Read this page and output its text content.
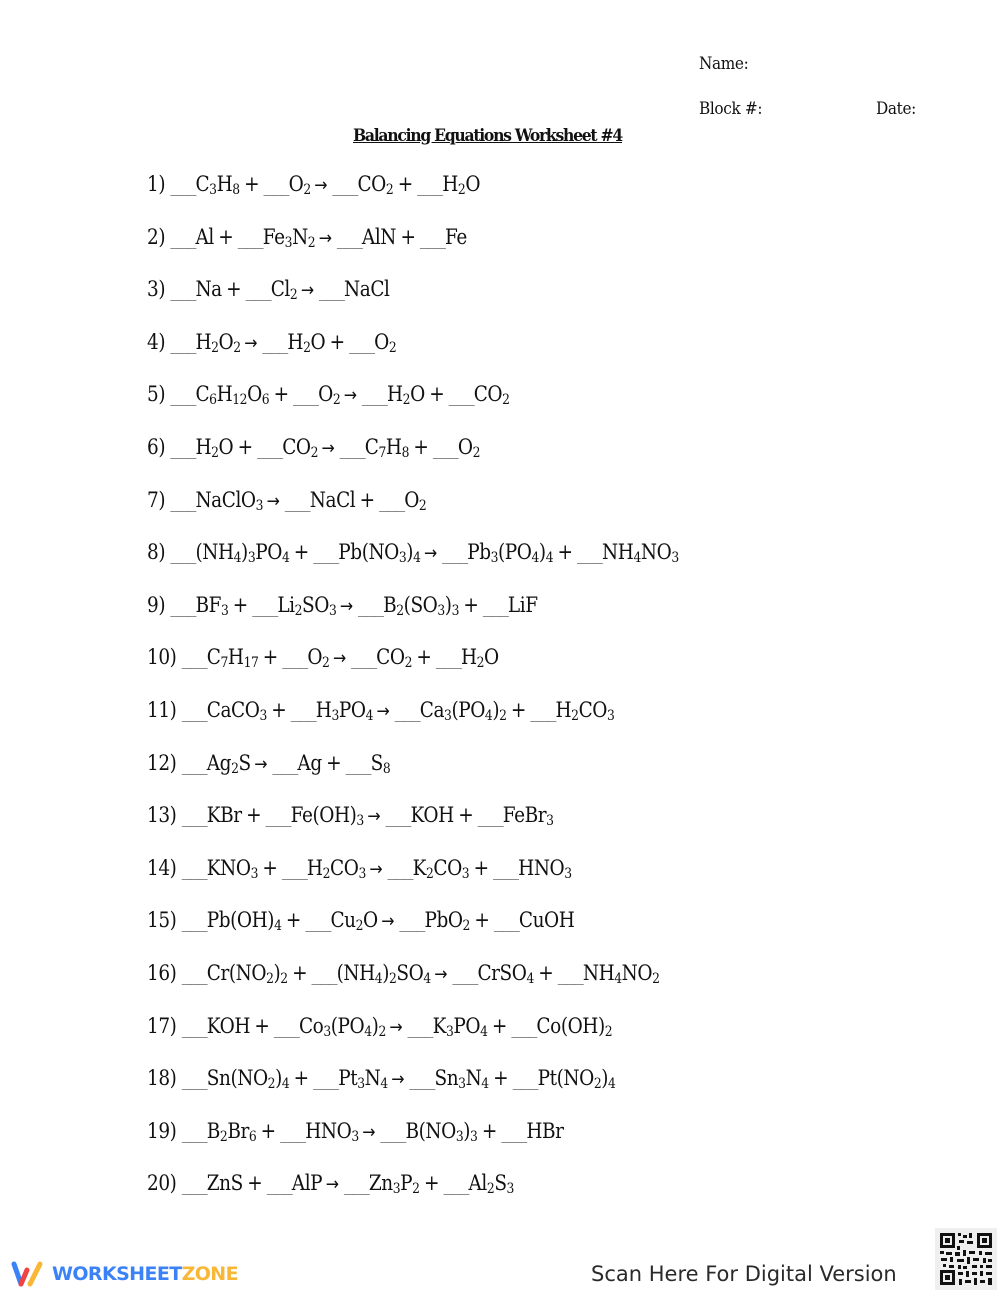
Name:
Block #:	Date:
Balancing Equations Worksheet #4
1) ___ $C_3H_8$ + ___ $O_2$ → ___ $CO_2$ + ___ $H_2O$
2) ___ Al + ___ $Fe_3N_2$ → ___ AlN + ___ Fe
3) ___ Na + ___ $Cl_2$ → ___ NaCl
4) ___ $H_2O_2$ → ___ $H_2O$ + ___ $O_2$
5) ___ $C_6H_{12}O_6$ + ___ $O_2$ → ___ $H_2O$ + ___ $CO_2$
6) ___ $H_2O$ + ___ $CO_2$ → ___ $C_7H_8$ + ___ $O_2$
7) ___ NaClO$_3$ → ___ NaCl + ___ $O_2$
8) ___ $(NH_4)_3PO_4$ + ___ $Pb(NO_3)_4$ → ___ $Pb_3(PO_4)_4$ + ___ $NH_4NO_3$
9) ___ $BF_3$ + ___ $Li_2SO_3$ → ___ $B_2(SO_3)_3$ + ___ LiF
10) ___ $C_7H_{17}$ + ___ $O_2$ → ___ $CO_2$ + ___ $H_2O$
11) ___ CaCO$_3$ + ___ $H_3PO_4$ → ___ $Ca_3(PO_4)_2$ + ___ $H_2CO_3$
12) ___ $Ag_2S$ → ___ Ag + ___ $S_8$
13) ___ KBr + ___ $Fe(OH)_3$ → ___ KOH + ___ FeBr$_3$
14) ___ $KNO_3$ + ___ $H_2CO_3$ → ___ $K_2CO_3$ + ___ $HNO_3$
15) ___ $Pb(OH)_4$ + ___ $Cu_2O$ → ___ PbO$_2$ + ___ CuOH
16) ___ $Cr(NO_2)_2$ + ___ $(NH_4)_2SO_4$ → ___ CrSO$_4$ + ___ $NH_4NO_2$
17) ___ KOH + ___ $Co_3(PO_4)_2$ → ___ $K_3PO_4$ + ___ $Co(OH)_2$
18) ___ $Sn(NO_2)_4$ + ___ $Pt_3N_4$ → ___ $Sn_3N_4$ + ___ $Pt(NO_2)_4$
19) ___ $B_2Br_6$ + ___ $HNO_3$ → ___ $B(NO_3)_3$ + ___ HBr
20) ___ ZnS + ___ AlP → ___ $Zn_3P_2$ + ___ $Al_2S_3$
WORKSHEET ZONE	Scan Here For Digital Version
